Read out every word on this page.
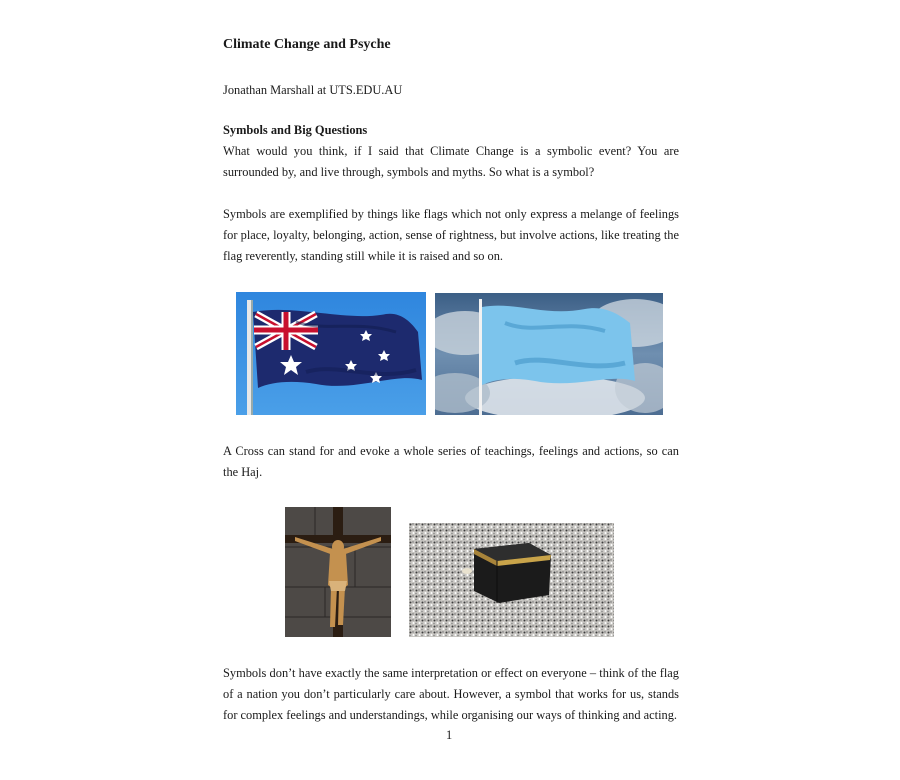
Climate Change and Psyche

Jonathan Marshall at UTS.EDU.AU

Symbols and Big Questions

What would you think, if I said that Climate Change is a symbolic event? You are surrounded by, and live through, symbols and myths. So what is a symbol?

Symbols are exemplified by things like flags which not only express a melange of feelings for place, loyalty, belonging, action, sense of rightness, but involve actions, like treating the flag reverently, standing still while it is raised and so on.

A Cross can stand for and evoke a whole series of teachings, feelings and actions, so can the Haj.

Symbols don’t have exactly the same interpretation or effect on everyone – think of the flag of a nation you don’t particularly care about. However, a symbol that works for us, stands for complex feelings and understandings, while organising our ways of thinking and acting.

1
